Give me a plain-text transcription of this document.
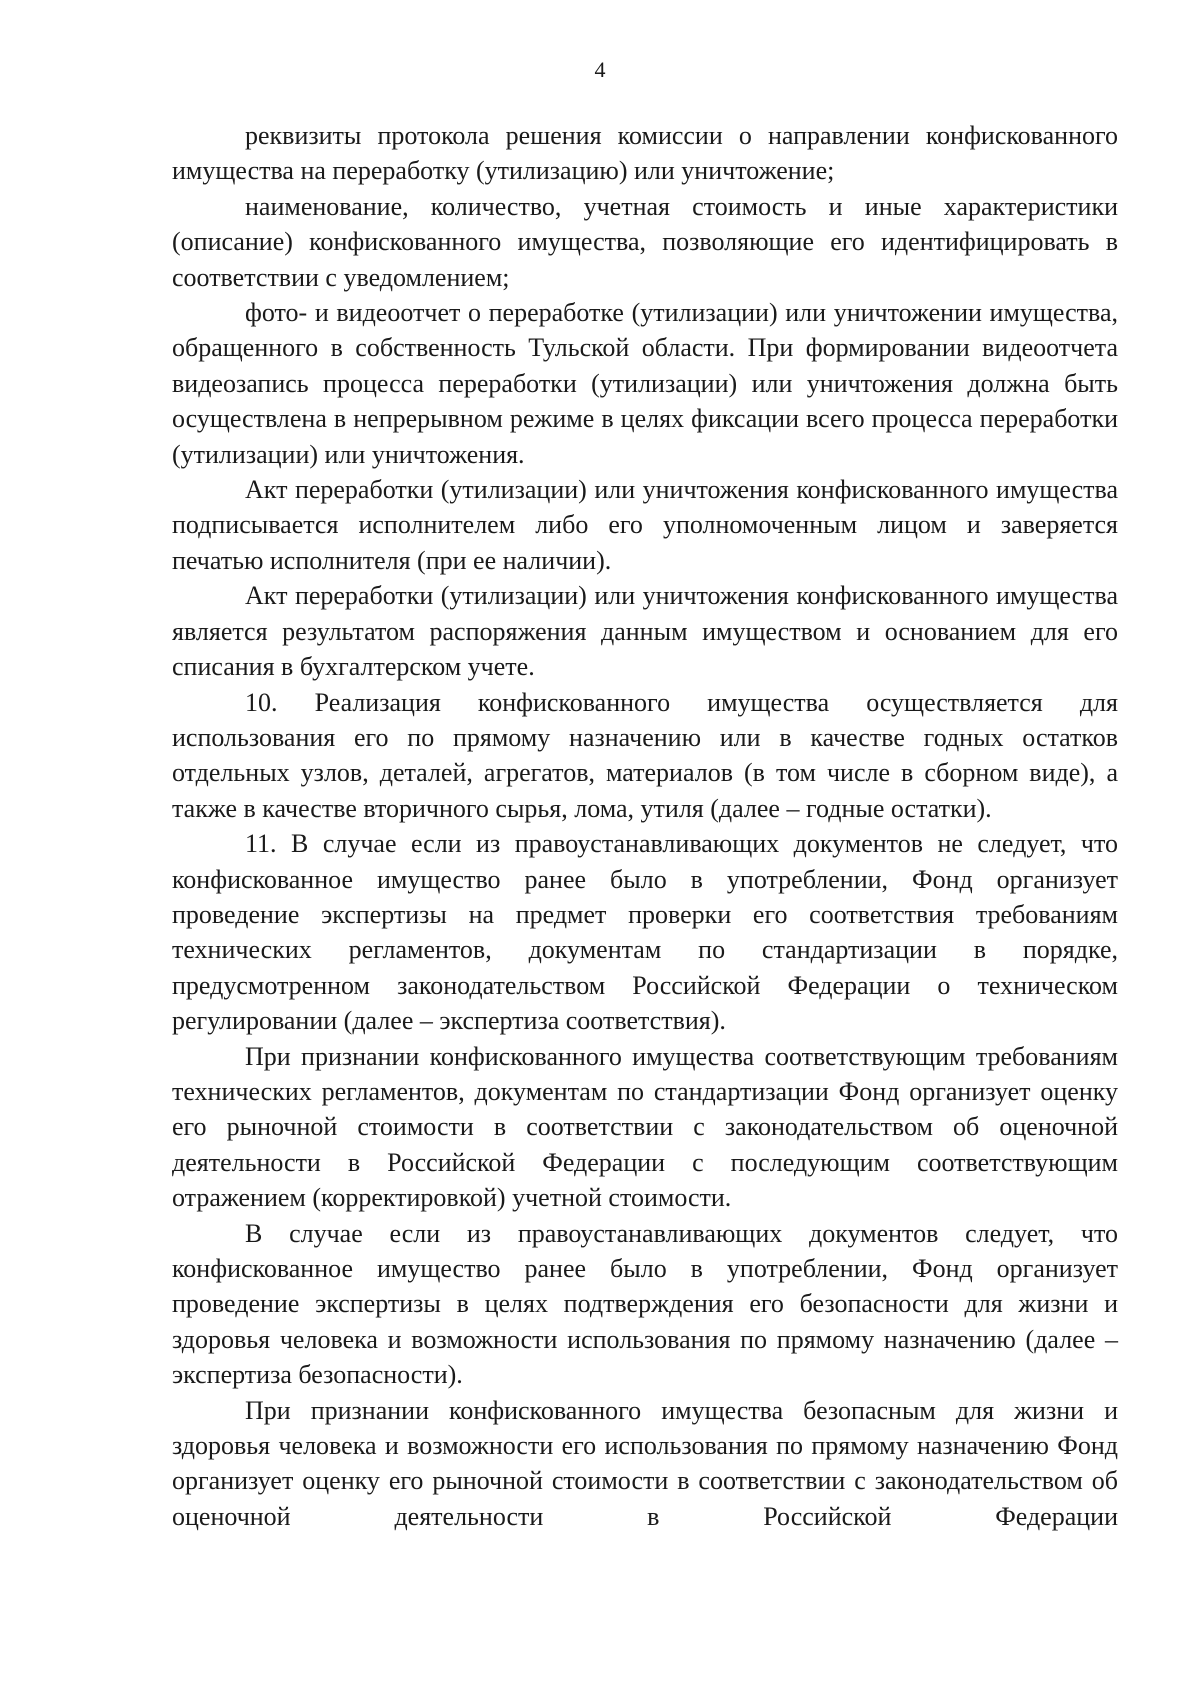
4

реквизиты протокола решения комиссии о направлении конфискованного имущества на переработку (утилизацию) или уничтожение;

наименование, количество, учетная стоимость и иные характеристики (описание) конфискованного имущества, позволяющие его идентифицировать в соответствии с уведомлением;

фото- и видеоотчет о переработке (утилизации) или уничтожении имущества, обращенного в собственность Тульской области. При формировании видеоотчета видеозапись процесса переработки (утилизации) или уничтожения должна быть осуществлена в непрерывном режиме в целях фиксации всего процесса переработки (утилизации) или уничтожения.

Акт переработки (утилизации) или уничтожения конфискованного имущества подписывается исполнителем либо его уполномоченным лицом и заверяется печатью исполнителя (при ее наличии).

Акт переработки (утилизации) или уничтожения конфискованного имущества является результатом распоряжения данным имуществом и основанием для его списания в бухгалтерском учете.

10. Реализация конфискованного имущества осуществляется для использования его по прямому назначению или в качестве годных остатков отдельных узлов, деталей, агрегатов, материалов (в том числе в сборном виде), а также в качестве вторичного сырья, лома, утиля (далее – годные остатки).

11. В случае если из правоустанавливающих документов не следует, что конфискованное имущество ранее было в употреблении, Фонд организует проведение экспертизы на предмет проверки его соответствия требованиям технических регламентов, документам по стандартизации в порядке, предусмотренном законодательством Российской Федерации о техническом регулировании (далее – экспертиза соответствия).

При признании конфискованного имущества соответствующим требованиям технических регламентов, документам по стандартизации Фонд организует оценку его рыночной стоимости в соответствии с законодательством об оценочной деятельности в Российской Федерации с последующим соответствующим отражением (корректировкой) учетной стоимости.

В случае если из правоустанавливающих документов следует, что конфискованное имущество ранее было в употреблении, Фонд организует проведение экспертизы в целях подтверждения его безопасности для жизни и здоровья человека и возможности использования по прямому назначению (далее – экспертиза безопасности).

При признании конфискованного имущества безопасным для жизни и здоровья человека и возможности его использования по прямому назначению Фонд организует оценку его рыночной стоимости в соответствии с законодательством об оценочной деятельности в Российской Федерации
